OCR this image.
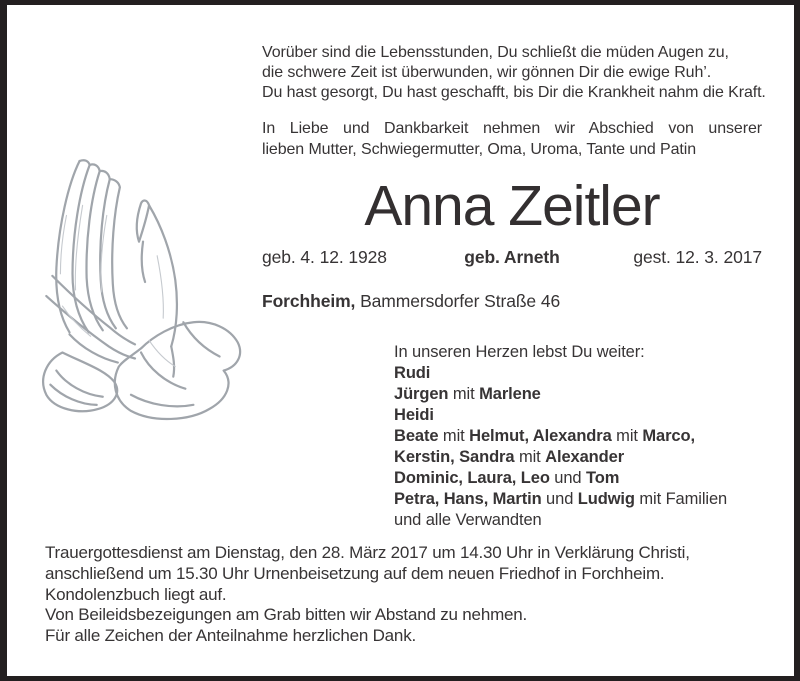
Vorüber sind die Lebensstunden, Du schließt die müden Augen zu,
die schwere Zeit ist überwunden, wir gönnen Dir die ewige Ruh’.
Du hast gesorgt, Du hast geschafft, bis Dir die Krankheit nahm die Kraft.
In Liebe und Dankbarkeit nehmen wir Abschied von unserer
lieben Mutter, Schwiegermutter, Oma, Uroma, Tante und Patin
Anna Zeitler
geb. 4. 12. 1928	geb. Arneth	gest. 12. 3. 2017
Forchheim, Bammersdorfer Straße 46
In unseren Herzen lebst Du weiter:
Rudi
Jürgen mit Marlene
Heidi
Beate mit Helmut, Alexandra mit Marco,
Kerstin, Sandra mit Alexander
Dominic, Laura, Leo und Tom
Petra, Hans, Martin und Ludwig mit Familien
und alle Verwandten
Trauergottesdienst am Dienstag, den 28. März 2017 um 14.30 Uhr in Verklärung Christi,
anschließend um 15.30 Uhr Urnenbeisetzung auf dem neuen Friedhof in Forchheim.
Kondolenzbuch liegt auf.
Von Beileidsbezeigungen am Grab bitten wir Abstand zu nehmen.
Für alle Zeichen der Anteilnahme herzlichen Dank.
